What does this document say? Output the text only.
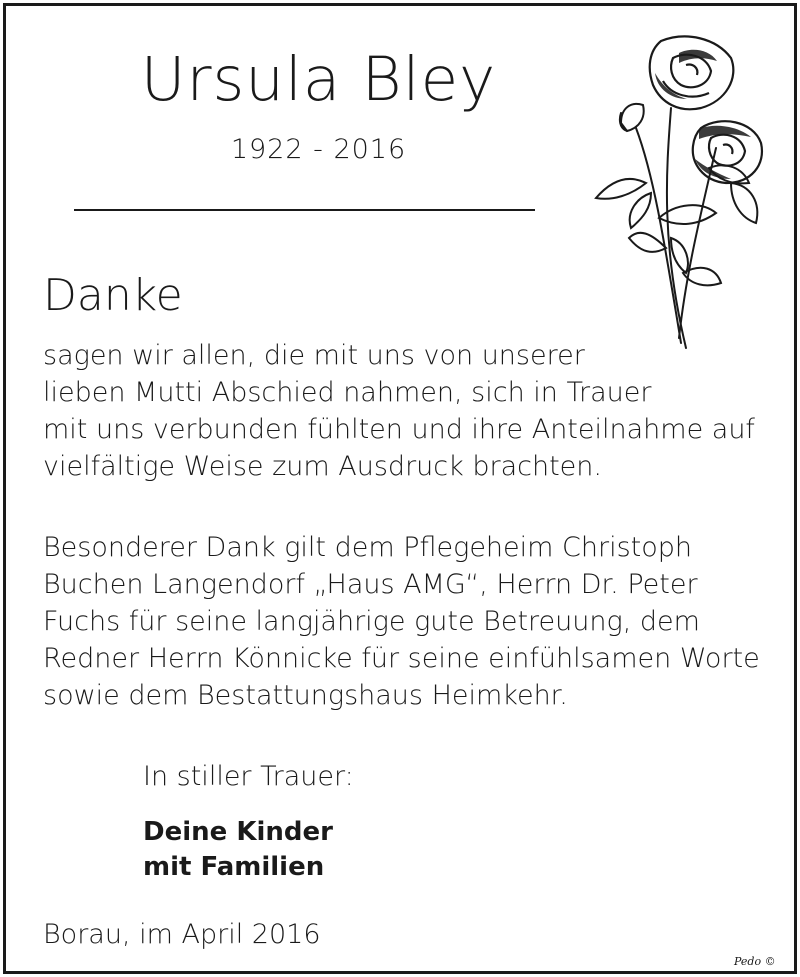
Ursula Bley
1922 - 2016
Danke
sagen wir allen, die mit uns von unserer
lieben Mutti Abschied nahmen, sich in Trauer
mit uns verbunden fühlten und ihre Anteilnahme auf
vielfältige Weise zum Ausdruck brachten.
Besonderer Dank gilt dem Pflegeheim Christoph
Buchen Langendorf „Haus AMG“, Herrn Dr. Peter
Fuchs für seine langjährige gute Betreuung, dem
Redner Herrn Könnicke für seine einfühlsamen Worte
sowie dem Bestattungshaus Heimkehr.
In stiller Trauer:
Deine Kinder
mit Familien
Borau, im April 2016
Pedo ©
